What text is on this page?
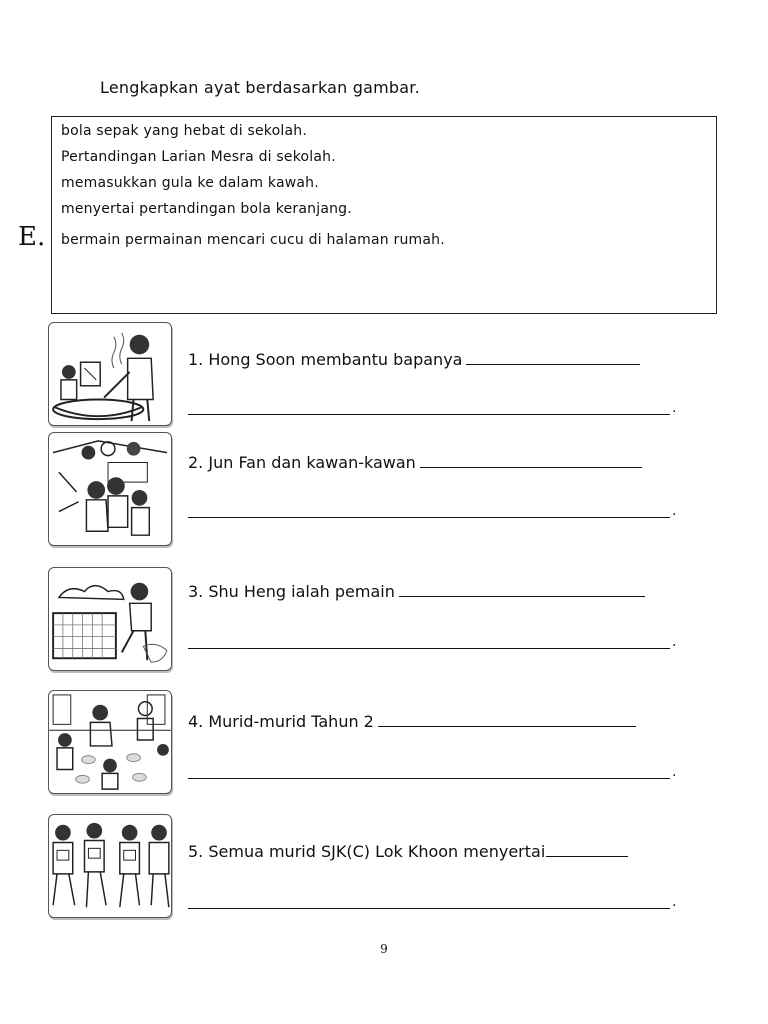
Lengkapkan ayat berdasarkan gambar.
E.
bola sepak yang hebat di sekolah.
Pertandingan Larian Mesra di sekolah.
memasukkan gula ke dalam kawah.
menyertai pertandingan bola keranjang.
bermain permainan mencari cucu di halaman rumah.
1. Hong Soon membantu bapanya
.
2. Jun Fan dan kawan-kawan
.
3. Shu Heng ialah pemain
.
4. Murid-murid Tahun 2
.
5. Semua murid SJK(C) Lok Khoon menyertai
.
9
